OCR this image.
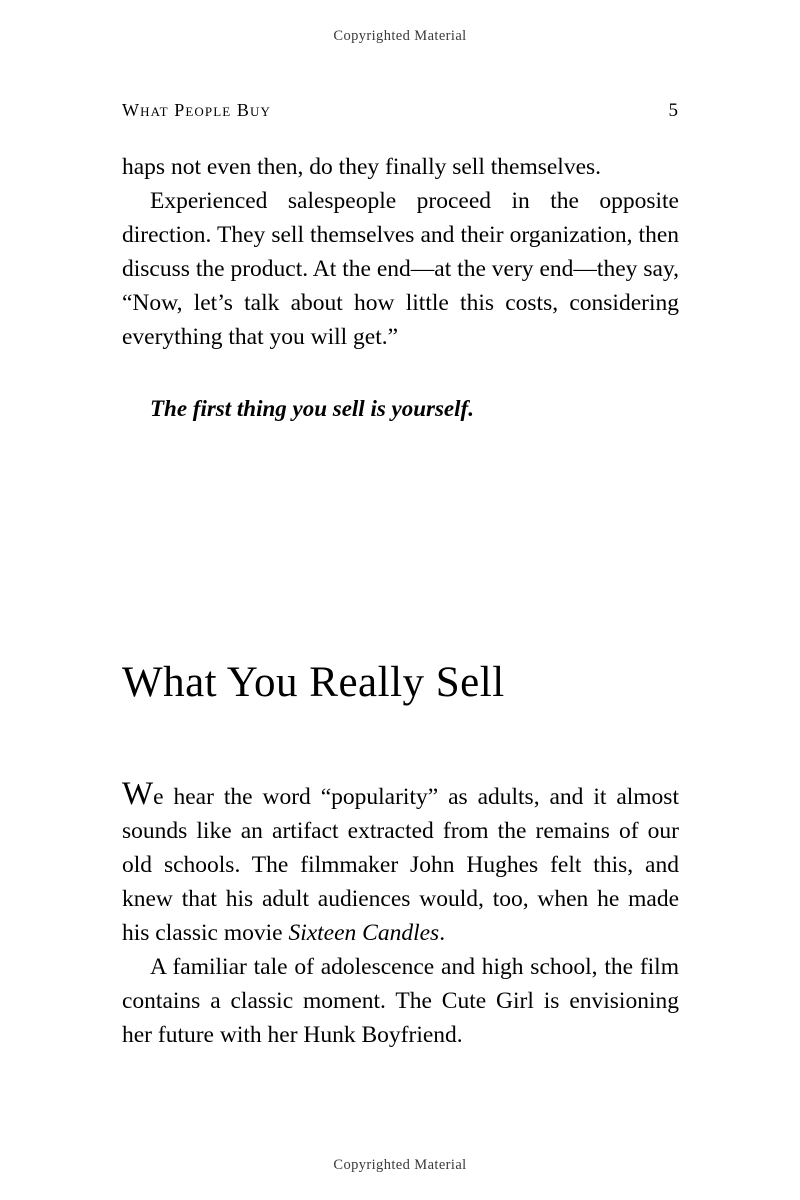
Copyrighted Material
What People Buy	5

haps not even then, do they finally sell themselves.

Experienced salespeople proceed in the opposite direction. They sell themselves and their organization, then discuss the product. At the end—at the very end—they say, “Now, let’s talk about how little this costs, considering everything that you will get.”

The first thing you sell is yourself.

What You Really Sell

We hear the word “popularity” as adults, and it almost sounds like an artifact extracted from the remains of our old schools. The filmmaker John Hughes felt this, and knew that his adult audiences would, too, when he made his classic movie Sixteen Candles.

A familiar tale of adolescence and high school, the film contains a classic moment. The Cute Girl is envisioning her future with her Hunk Boyfriend.

Copyrighted Material
